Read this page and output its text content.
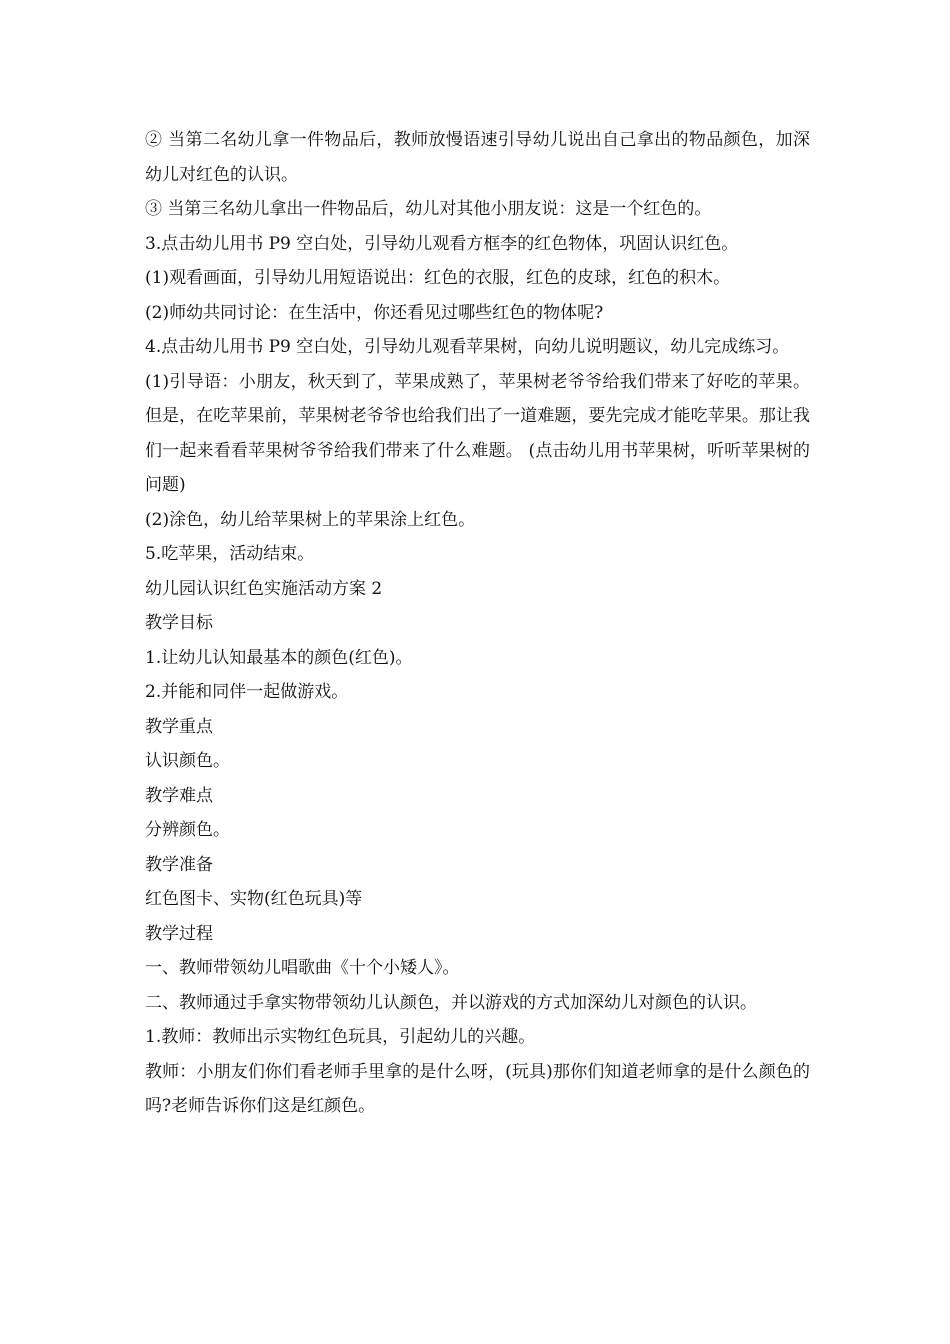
② 当第二名幼儿拿一件物品后，教师放慢语速引导幼儿说出自己拿出的物品颜色，加深幼儿对红色的认识。

③ 当第三名幼儿拿出一件物品后，幼儿对其他小朋友说：这是一个红色的。

3.点击幼儿用书 P9 空白处，引导幼儿观看方框李的红色物体，巩固认识红色。

(1)观看画面，引导幼儿用短语说出：红色的衣服，红色的皮球，红色的积木。

(2)师幼共同讨论：在生活中，你还看见过哪些红色的物体呢?

4.点击幼儿用书 P9 空白处，引导幼儿观看苹果树，向幼儿说明题议，幼儿完成练习。

(1)引导语：小朋友，秋天到了，苹果成熟了，苹果树老爷爷给我们带来了好吃的苹果。但是，在吃苹果前，苹果树老爷爷也给我们出了一道难题，要先完成才能吃苹果。那让我们一起来看看苹果树爷爷给我们带来了什么难题。 (点击幼儿用书苹果树，听听苹果树的问题)

(2)涂色，幼儿给苹果树上的苹果涂上红色。

5.吃苹果，活动结束。

幼儿园认识红色实施活动方案 2

教学目标

1.让幼儿认知最基本的颜色(红色)。

2.并能和同伴一起做游戏。

教学重点

认识颜色。

教学难点

分辨颜色。

教学准备

红色图卡、实物(红色玩具)等

教学过程

一、教师带领幼儿唱歌曲《十个小矮人》。

二、教师通过手拿实物带领幼儿认颜色，并以游戏的方式加深幼儿对颜色的认识。

1.教师：教师出示实物红色玩具，引起幼儿的兴趣。

教师：小朋友们你们看老师手里拿的是什么呀，(玩具)那你们知道老师拿的是什么颜色的吗?老师告诉你们这是红颜色。
